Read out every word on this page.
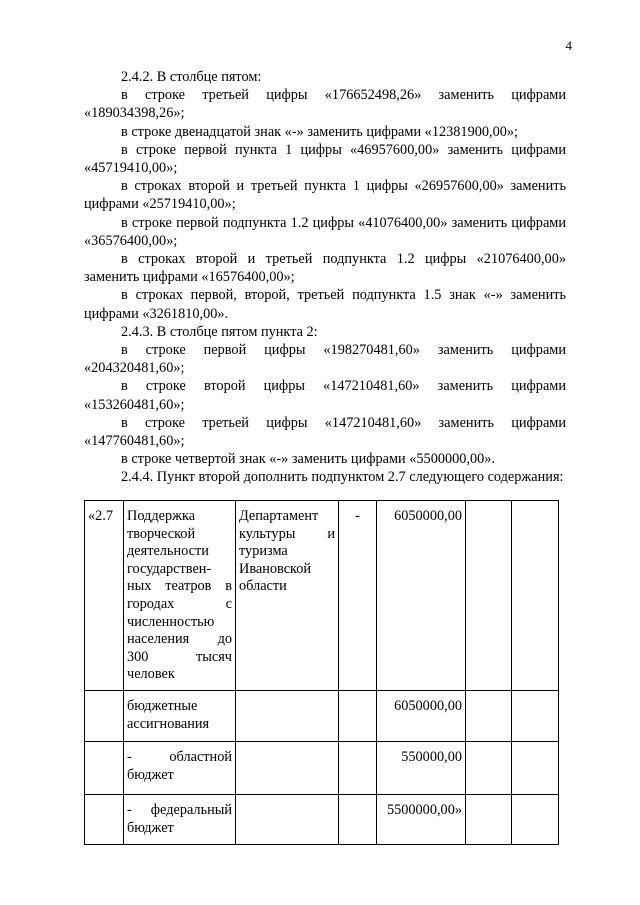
4

2.4.2. В столбце пятом:

в строке третьей цифры «176652498,26» заменить цифрами «189034398,26»;

в строке двенадцатой знак «-» заменить цифрами «12381900,00»;

в строке первой пункта 1 цифры «46957600,00» заменить цифрами «45719410,00»;

в строках второй и третьей пункта 1 цифры «26957600,00» заменить цифрами «25719410,00»;

в строке первой подпункта 1.2 цифры «41076400,00» заменить цифрами «36576400,00»;

в строках второй и третьей подпункта 1.2 цифры «21076400,00» заменить цифрами «16576400,00»;

в строках первой, второй, третьей подпункта 1.5 знак «-» заменить цифрами «3261810,00».

2.4.3. В столбце пятом пункта 2:

в строке первой цифры «198270481,60» заменить цифрами «204320481,60»;

в строке второй цифры «147210481,60» заменить цифрами «153260481,60»;

в строке третьей цифры «147210481,60» заменить цифрами «147760481,60»;

в строке четвертой знак «-» заменить цифрами «5500000,00».

2.4.4. Пункт второй дополнить подпунктом 2.7 следующего содержания:

«2.7	Поддержка творческой деятельности государствен-ных театров в городах с численностью населения до 300 тысяч человек	Департамент культуры и туризма Ивановской области	-	6050000,00		
	бюджетные ассигнования			6050000,00		
	- областной бюджет			550000,00		
	- федеральный бюджет			5500000,00»		
